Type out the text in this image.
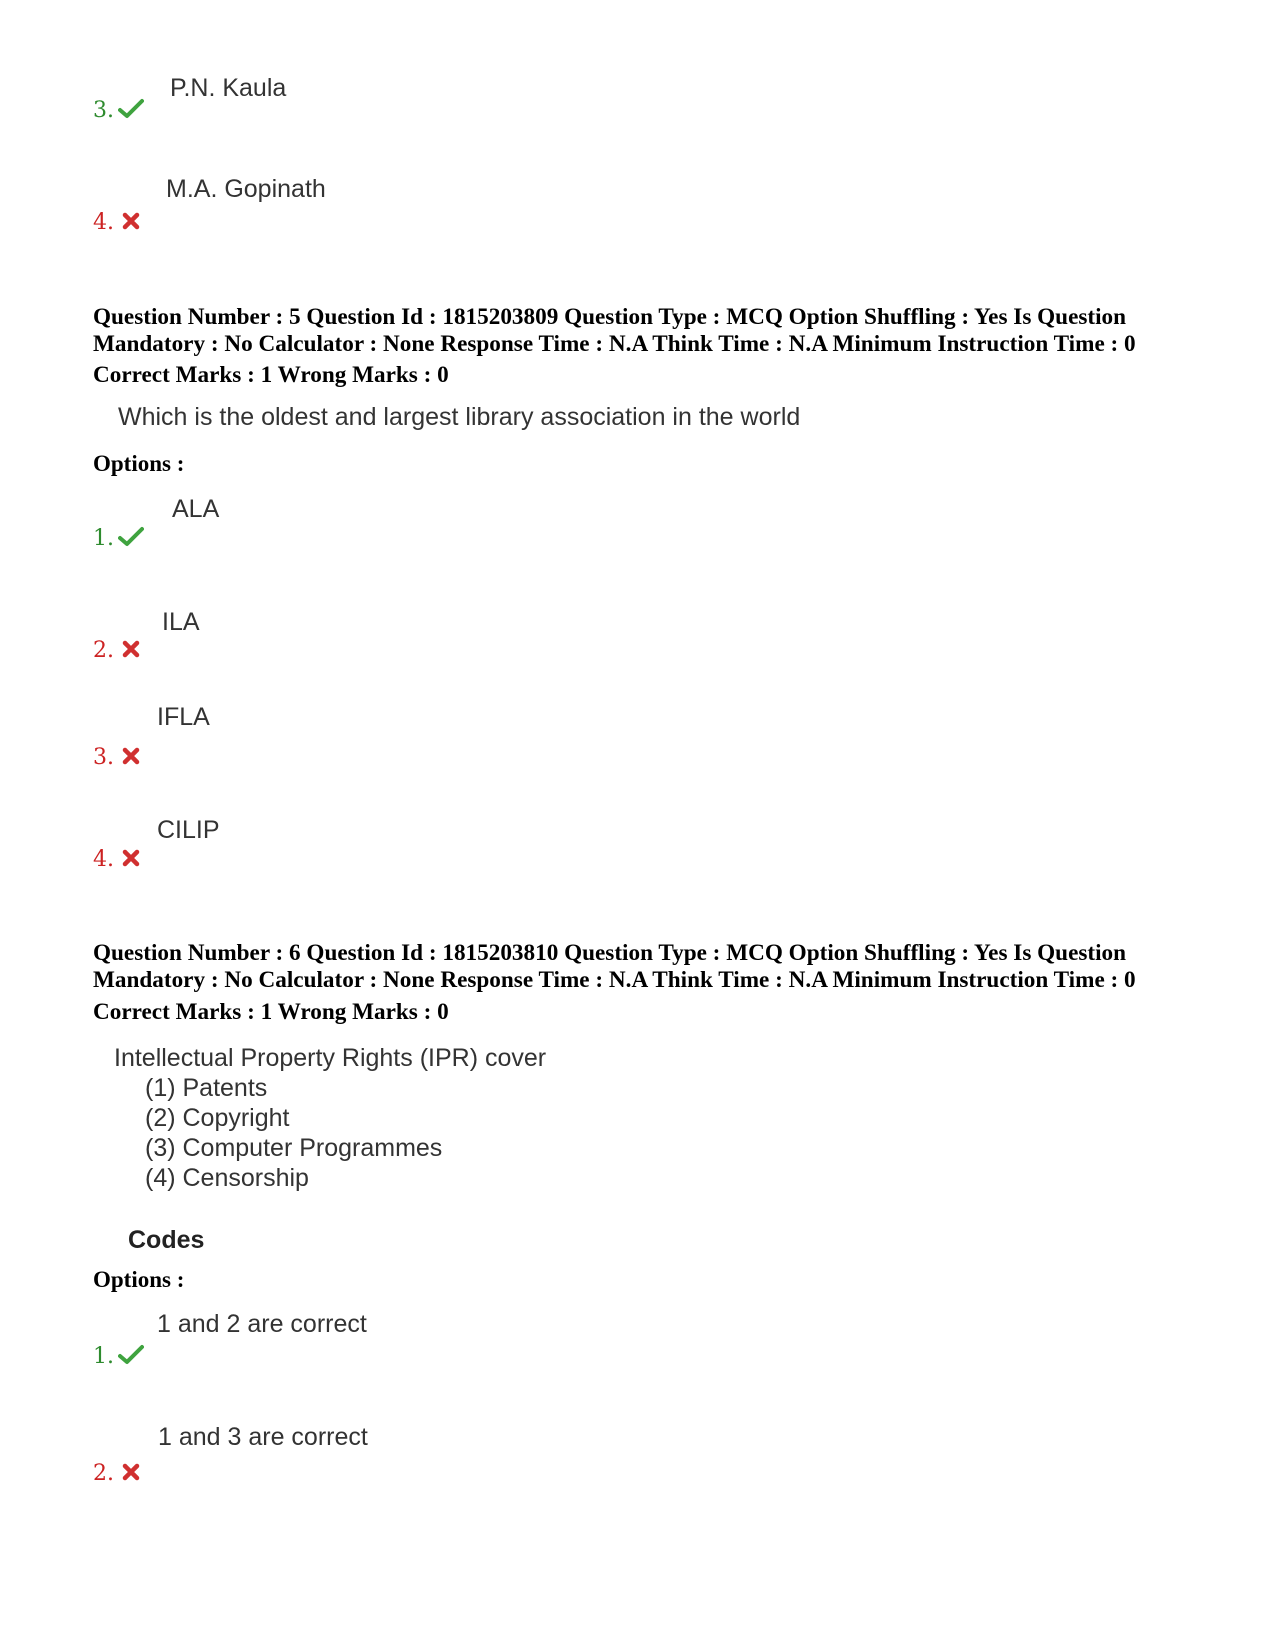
P.N. Kaula
3.
M.A. Gopinath
4.
Question Number : 5 Question Id : 1815203809 Question Type : MCQ Option Shuffling : Yes Is Question
Mandatory : No Calculator : None Response Time : N.A Think Time : N.A Minimum Instruction Time : 0
Correct Marks : 1 Wrong Marks : 0
Which is the oldest and largest library association in the world
Options :
ALA
1.
ILA
2.
IFLA
3.
CILIP
4.
Question Number : 6 Question Id : 1815203810 Question Type : MCQ Option Shuffling : Yes Is Question
Mandatory : No Calculator : None Response Time : N.A Think Time : N.A Minimum Instruction Time : 0
Correct Marks : 1 Wrong Marks : 0
Intellectual Property Rights (IPR) cover
(1) Patents
(2) Copyright
(3) Computer Programmes
(4) Censorship
Codes
Options :
1 and 2 are correct
1.
1 and 3 are correct
2.
